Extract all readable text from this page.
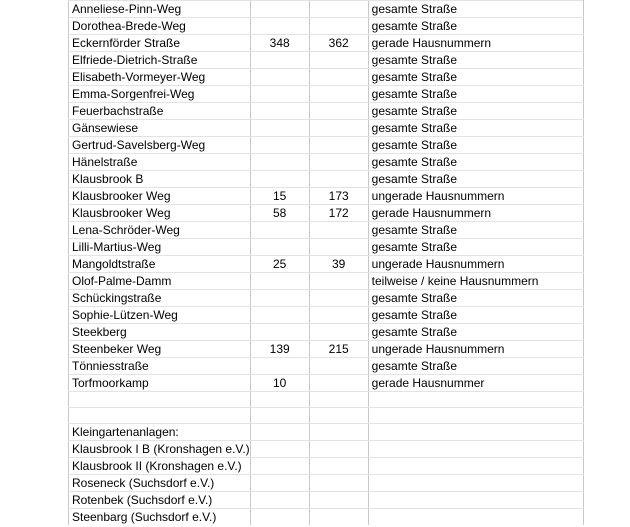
Anneliese-Pinn-Weg			gesamte Straße
Dorothea-Brede-Weg			gesamte Straße
Eckernförder Straße	348	362	gerade Hausnummern
Elfriede-Dietrich-Straße			gesamte Straße
Elisabeth-Vormeyer-Weg			gesamte Straße
Emma-Sorgenfrei-Weg			gesamte Straße
Feuerbachstraße			gesamte Straße
Gänsewiese			gesamte Straße
Gertrud-Savelsberg-Weg			gesamte Straße
Hänelstraße			gesamte Straße
Klausbrook B			gesamte Straße
Klausbrooker Weg	15	173	ungerade Hausnummern
Klausbrooker Weg	58	172	gerade Hausnummern
Lena-Schröder-Weg			gesamte Straße
Lilli-Martius-Weg			gesamte Straße
Mangoldtstraße	25	39	ungerade Hausnummern
Olof-Palme-Damm			teilweise / keine Hausnummern
Schückingstraße			gesamte Straße
Sophie-Lützen-Weg			gesamte Straße
Steekberg			gesamte Straße
Steenbeker Weg	139	215	ungerade Hausnummern
Tönniesstraße			gesamte Straße
Torfmoorkamp	10		gerade Hausnummer

Kleingartenanlagen:			
Klausbrook I B (Kronshagen e.V.)			
Klausbrook II (Kronshagen e.V.)			
Roseneck (Suchsdorf e.V.)			
Rotenbek (Suchsdorf e.V.)			
Steenbarg (Suchsdorf e.V.)			
